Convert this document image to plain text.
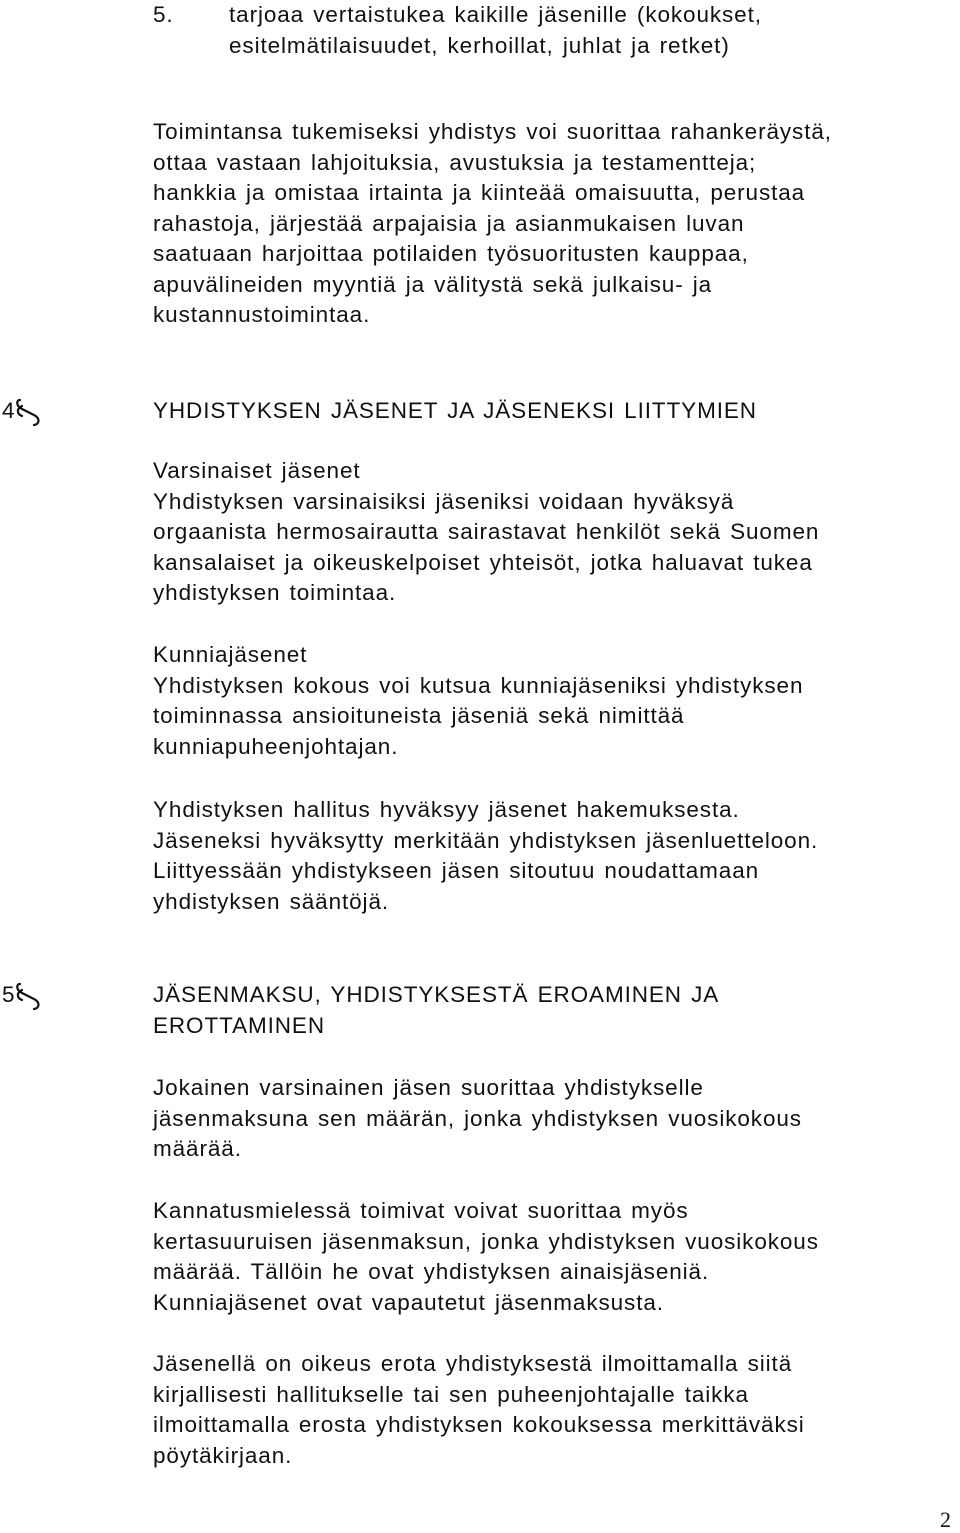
5. tarjoaa vertaistukea kaikille jäsenille (kokoukset,
esitelmätilaisuudet, kerhoillat, juhlat ja retket)
Toimintansa tukemiseksi yhdistys voi suorittaa rahankeräystä,
ottaa vastaan lahjoituksia, avustuksia ja testamentteja;
hankkia ja omistaa irtainta ja kiinteää omaisuutta, perustaa
rahastoja, järjestää arpajaisia ja asianmukaisen luvan
saatuaan harjoittaa potilaiden työsuoritusten kauppaa,
apuvälineiden myyntiä ja välitystä sekä julkaisu- ja
kustannustoimintaa.
4	YHDISTYKSEN JÄSENET JA JÄSENEKSI LIITTYMIEN
Varsinaiset jäsenet
Yhdistyksen varsinaisiksi jäseniksi voidaan hyväksyä
orgaanista hermosairautta sairastavat henkilöt sekä Suomen
kansalaiset ja oikeuskelpoiset yhteisöt, jotka haluavat tukea
yhdistyksen toimintaa.
Kunniajäsenet
Yhdistyksen kokous voi kutsua kunniajäseniksi yhdistyksen
toiminnassa ansioituneista jäseniä sekä nimittää
kunniapuheenjohtajan.
Yhdistyksen hallitus hyväksyy jäsenet hakemuksesta.
Jäseneksi hyväksytty merkitään yhdistyksen jäsenluetteloon.
Liittyessään yhdistykseen jäsen sitoutuu noudattamaan
yhdistyksen sääntöjä.
5	JÄSENMAKSU, YHDISTYKSESTÄ EROAMINEN JA
EROTTAMINEN
Jokainen varsinainen jäsen suorittaa yhdistykselle
jäsenmaksuna sen määrän, jonka yhdistyksen vuosikokous
määrää.
Kannatusmielessä toimivat voivat suorittaa myös
kertasuuruisen jäsenmaksun, jonka yhdistyksen vuosikokous
määrää. Tällöin he ovat yhdistyksen ainaisjäseniä.
Kunniajäsenet ovat vapautetut jäsenmaksusta.
Jäsenellä on oikeus erota yhdistyksestä ilmoittamalla siitä
kirjallisesti hallitukselle tai sen puheenjohtajalle taikka
ilmoittamalla erosta yhdistyksen kokouksessa merkittäväksi
pöytäkirjaan.
2
